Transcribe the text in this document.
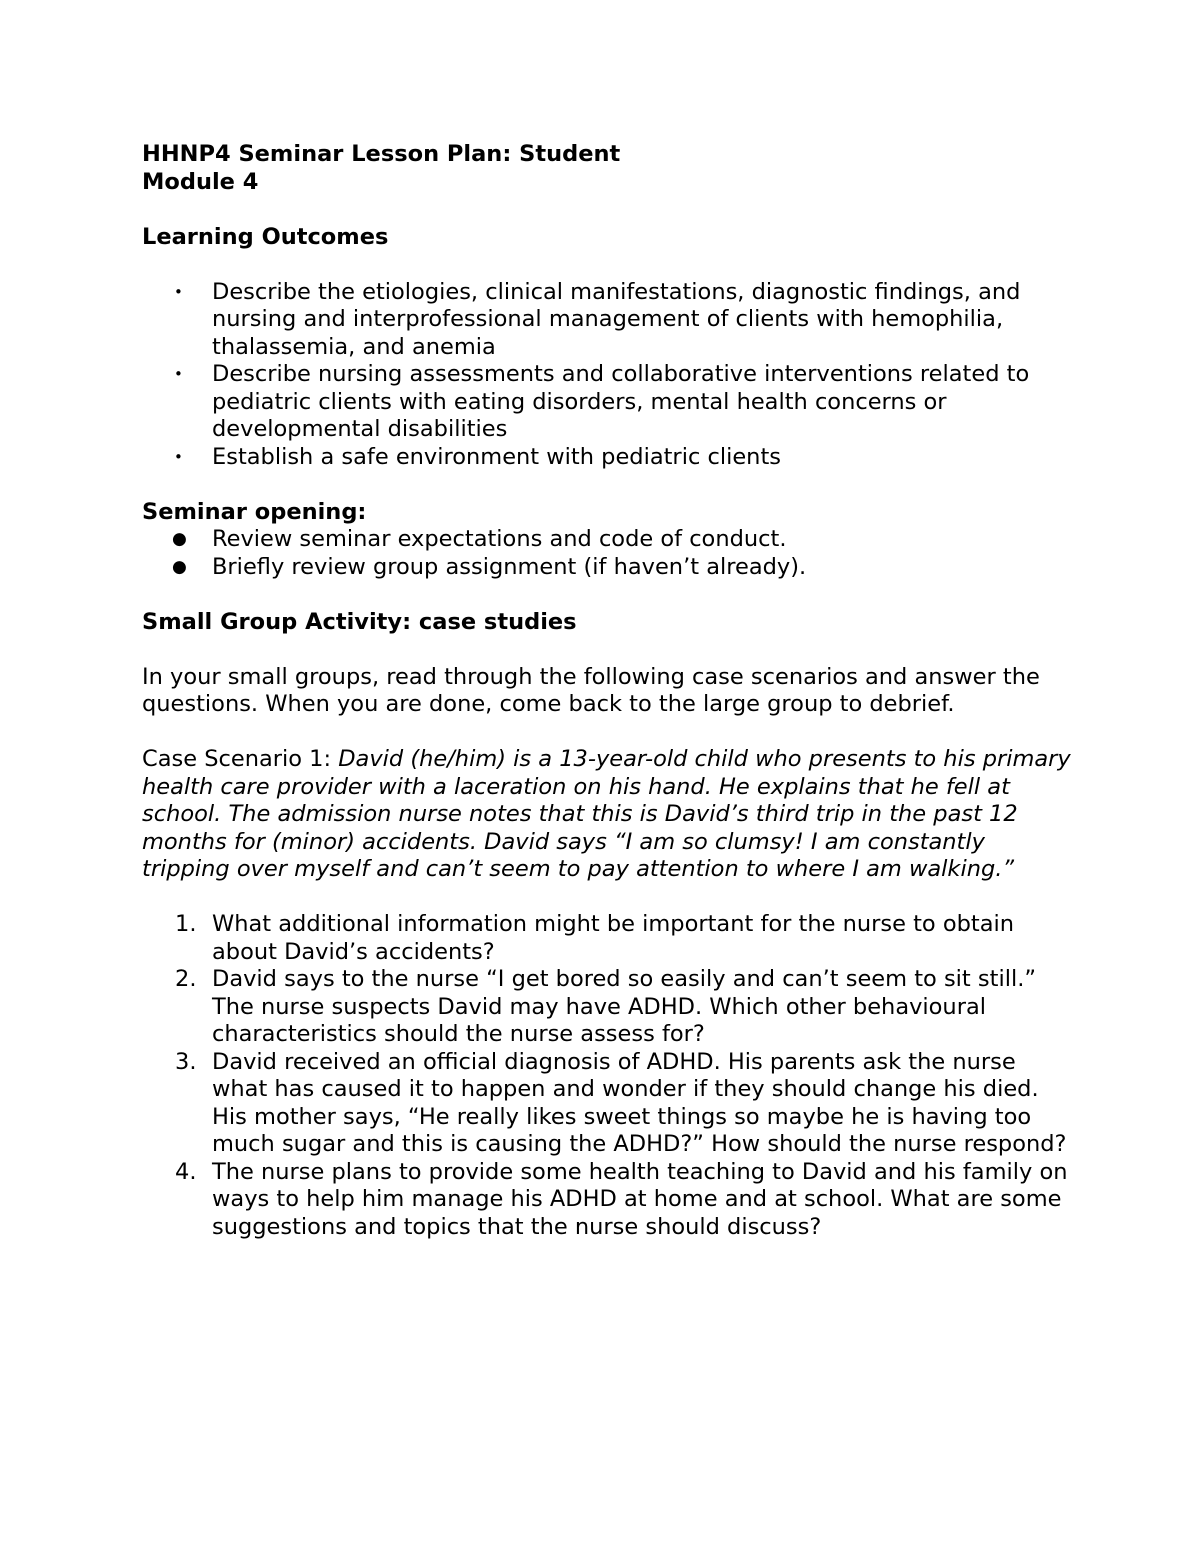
HHNP4 Seminar Lesson Plan: Student

Module 4

Learning Outcomes

• Describe the etiologies, clinical manifestations, diagnostic findings, and nursing and interprofessional management of clients with hemophilia, thalassemia, and anemia
• Describe nursing assessments and collaborative interventions related to pediatric clients with eating disorders, mental health concerns or developmental disabilities
• Establish a safe environment with pediatric clients

Seminar opening:

● Review seminar expectations and code of conduct.
● Briefly review group assignment (if haven’t already).

Small Group Activity: case studies

In your small groups, read through the following case scenarios and answer the questions. When you are done, come back to the large group to debrief.

Case Scenario 1: David (he/him) is a 13-year-old child who presents to his primary health care provider with a laceration on his hand. He explains that he fell at school. The admission nurse notes that this is David’s third trip in the past 12 months for (minor) accidents. David says “I am so clumsy! I am constantly tripping over myself and can’t seem to pay attention to where I am walking.”

1. What additional information might be important for the nurse to obtain about David’s accidents?
2. David says to the nurse “I get bored so easily and can’t seem to sit still.” The nurse suspects David may have ADHD. Which other behavioural characteristics should the nurse assess for?
3. David received an official diagnosis of ADHD. His parents ask the nurse what has caused it to happen and wonder if they should change his died. His mother says, “He really likes sweet things so maybe he is having too much sugar and this is causing the ADHD?” How should the nurse respond?
4. The nurse plans to provide some health teaching to David and his family on ways to help him manage his ADHD at home and at school. What are some suggestions and topics that the nurse should discuss?
